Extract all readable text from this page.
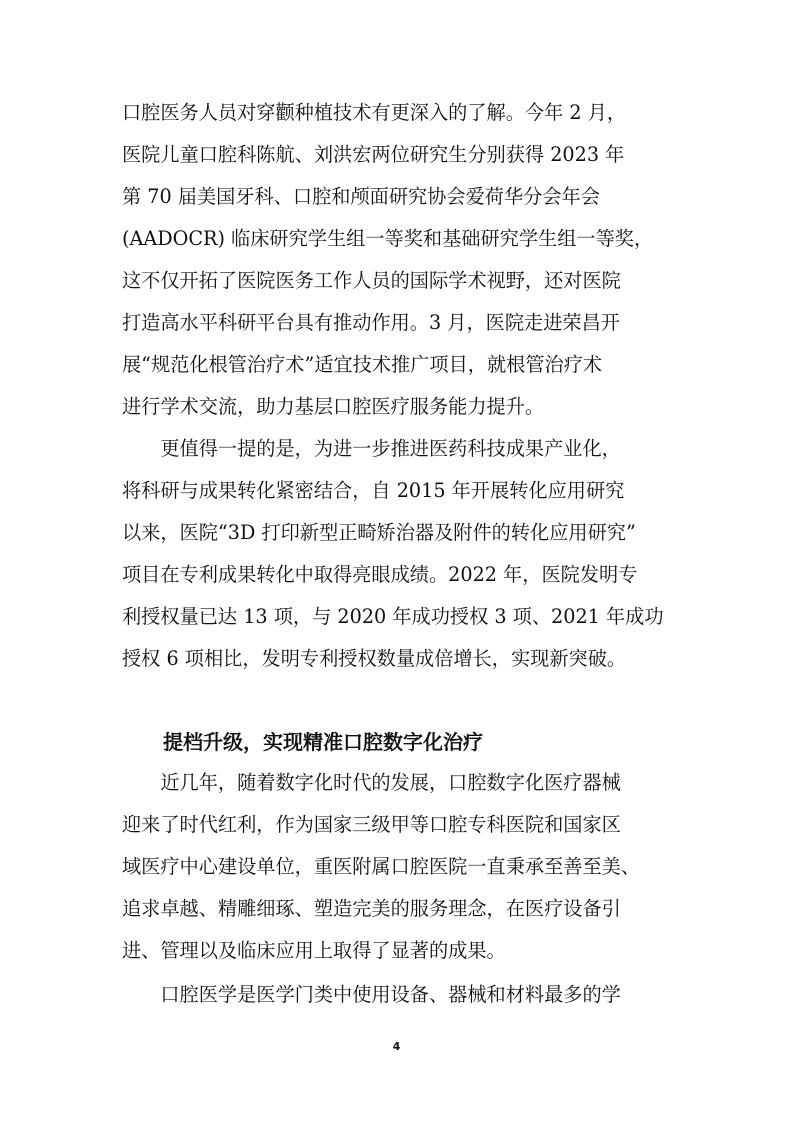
口腔医务人员对穿颧种植技术有更深入的了解。今年 2 月，
医院儿童口腔科陈航、刘洪宏两位研究生分别获得 2023 年
第 70 届美国牙科、口腔和颅面研究协会爱荷华分会年会
(AADOCR) 临床研究学生组一等奖和基础研究学生组一等奖，
这不仅开拓了医院医务工作人员的国际学术视野，还对医院
打造高水平科研平台具有推动作用。3 月，医院走进荣昌开
展“规范化根管治疗术”适宜技术推广项目，就根管治疗术
进行学术交流，助力基层口腔医疗服务能力提升。
　　更值得一提的是，为进一步推进医药科技成果产业化，
将科研与成果转化紧密结合，自 2015 年开展转化应用研究
以来，医院“3D 打印新型正畸矫治器及附件的转化应用研究”
项目在专利成果转化中取得亮眼成绩。2022 年，医院发明专
利授权量已达 13 项，与 2020 年成功授权 3 项、2021 年成功
授权 6 项相比，发明专利授权数量成倍增长，实现新突破。
提档升级，实现精准口腔数字化治疗
　　近几年，随着数字化时代的发展，口腔数字化医疗器械
迎来了时代红利，作为国家三级甲等口腔专科医院和国家区
域医疗中心建设单位，重医附属口腔医院一直秉承至善至美、
追求卓越、精雕细琢、塑造完美的服务理念，在医疗设备引
进、管理以及临床应用上取得了显著的成果。
　　口腔医学是医学门类中使用设备、器械和材料最多的学
4
